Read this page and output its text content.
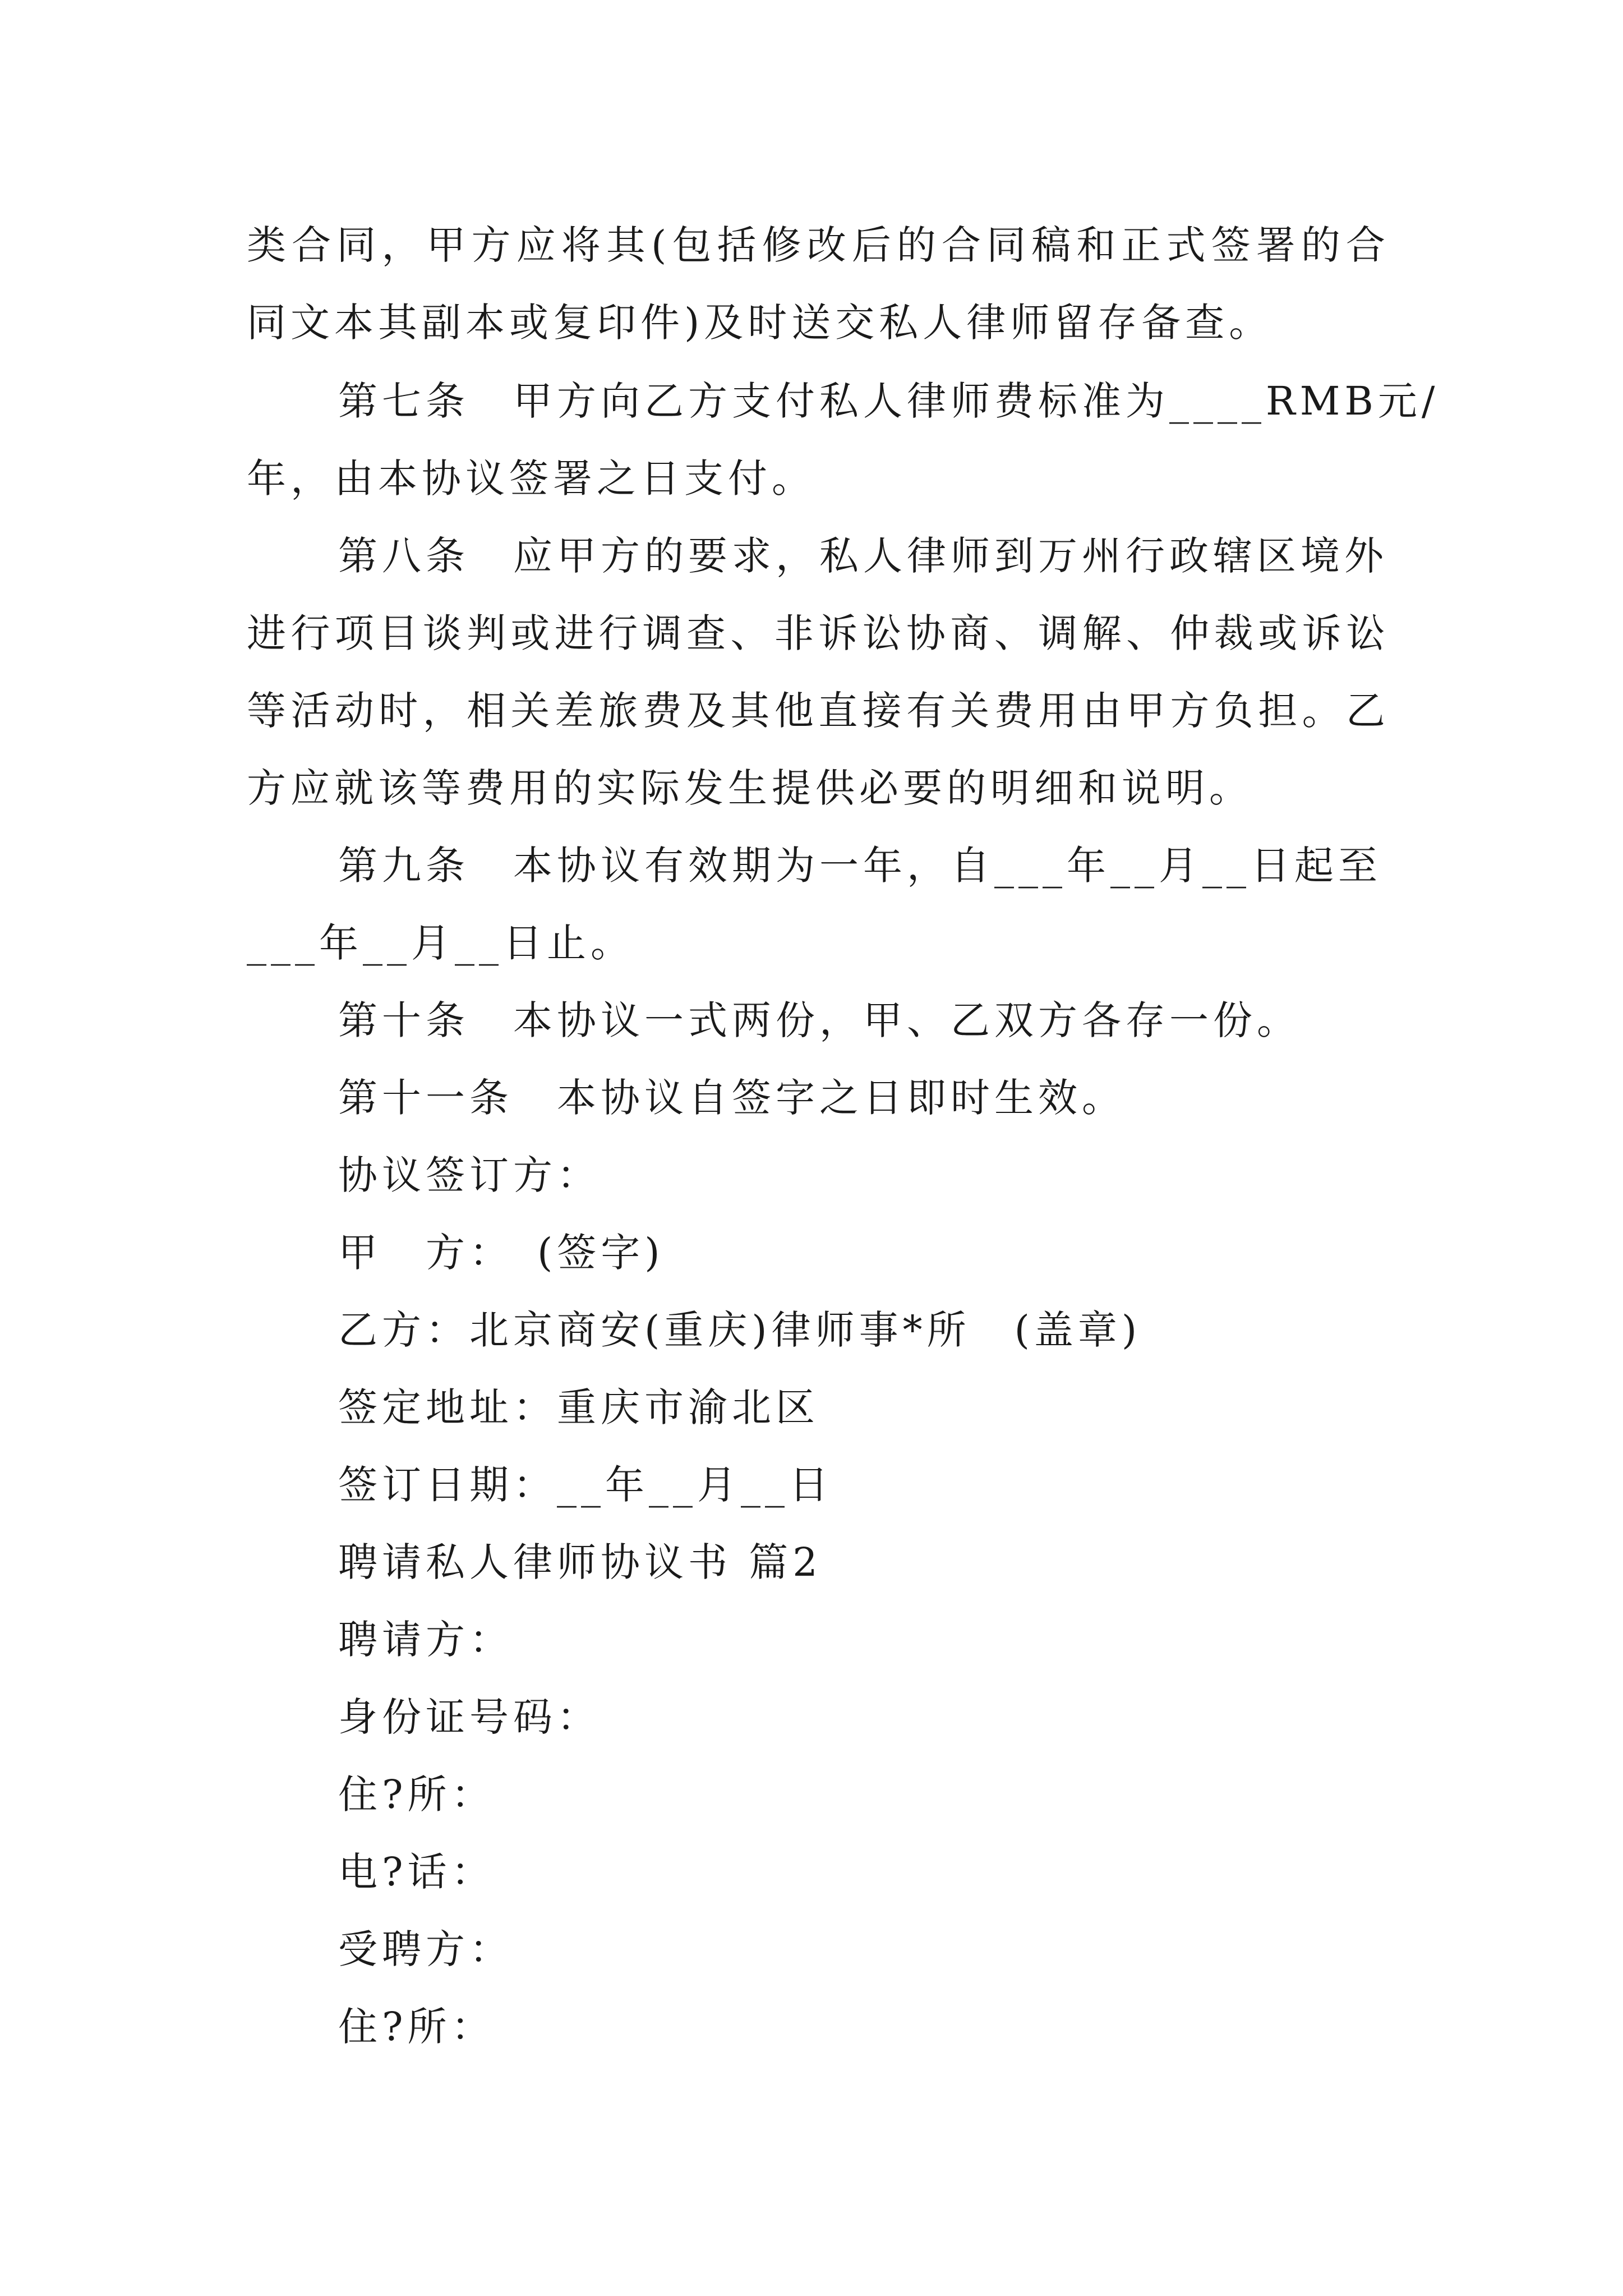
类合同，甲方应将其(包括修改后的合同稿和正式签署的合
同文本其副本或复印件)及时送交私人律师留存备查。
第七条　甲方向乙方支付私人律师费标准为____RMB元/
年，由本协议签署之日支付。
第八条　应甲方的要求，私人律师到万州行政辖区境外
进行项目谈判或进行调查、非诉讼协商、调解、仲裁或诉讼
等活动时，相关差旅费及其他直接有关费用由甲方负担。乙
方应就该等费用的实际发生提供必要的明细和说明。
第九条　本协议有效期为一年，自___年__月__日起至
___年__月__日止。
第十条　本协议一式两份，甲、乙双方各存一份。
第十一条　本协议自签字之日即时生效。
协议签订方：
甲　方：　(签字)
乙方：北京商安(重庆)律师事*所　(盖章)
签定地址：重庆市渝北区
签订日期：__年__月__日
聘请私人律师协议书 篇2
聘请方：
身份证号码：
住?所：
电?话：
受聘方：
住?所：
